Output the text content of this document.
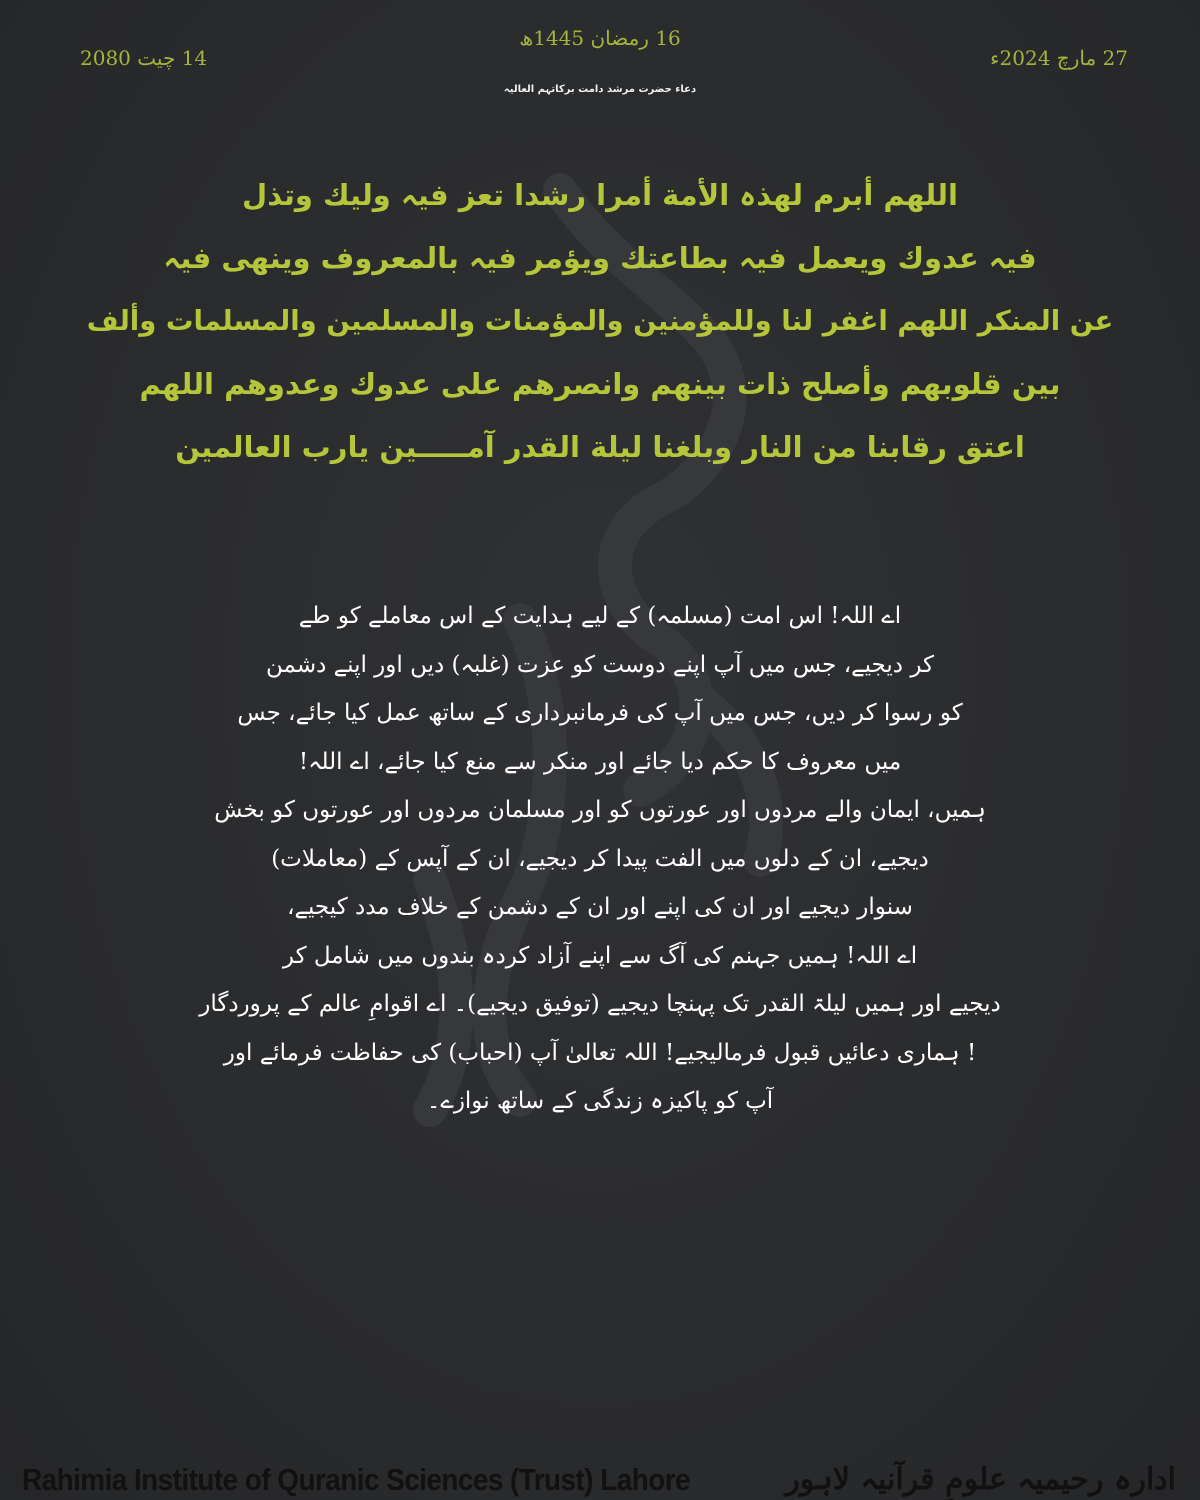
16 رمضان 1445ھ
27 مارچ 2024ء
14 چیت 2080
دعاء حضرت مرشد دامت برکاتہم العالیہ
اللھم أبرم لھذہ الأمة أمرا رشدا تعز فیہ ولیك وتذل
فیہ عدوك ویعمل فیہ بطاعتك ویؤمر فیہ بالمعروف وینھی فیہ
عن المنکر اللھم اغفر لنا وللمؤمنین والمؤمنات والمسلمین والمسلمات وألف
بین قلوبھم وأصلح ذات بینھم وانصرھم علی عدوك وعدوھم اللھم
اعتق رقابنا من النار وبلغنا لیلة القدر آمـــــین یارب العالمین
اے اللہ! اس امت (مسلمہ) کے لیے ہدایت کے اس معاملے کو طے
کر دیجیے، جس میں آپ اپنے دوست کو عزت (غلبہ) دیں اور اپنے دشمن
کو رسوا کر دیں، جس میں آپ کی فرمانبرداری کے ساتھ عمل کیا جائے، جس
میں معروف کا حکم دیا جائے اور منکر سے منع کیا جائے، اے اللہ!
ہمیں، ایمان والے مردوں اور عورتوں کو اور مسلمان مردوں اور عورتوں کو بخش
دیجیے، ان کے دلوں میں الفت پیدا کر دیجیے، ان کے آپس کے (معاملات)
سنوار دیجیے اور ان کی اپنے اور ان کے دشمن کے خلاف مدد کیجیے،
اے اللہ! ہمیں جہنم کی آگ سے اپنے آزاد کردہ بندوں میں شامل کر
دیجیے اور ہمیں لیلۃ القدر تک پہنچا دیجیے (توفیق دیجیے)۔ اے اقوامِ عالم کے پروردگار
! ہماری دعائیں قبول فرمالیجیے! اللہ تعالیٰ آپ (احباب) کی حفاظت فرمائے اور
آپ کو پاکیزہ زندگی کے ساتھ نوازے۔
Rahimia Institute of Quranic Sciences (Trust) Lahore	ادارہ رحیمیہ علومِ قرآنیہ لاہور
